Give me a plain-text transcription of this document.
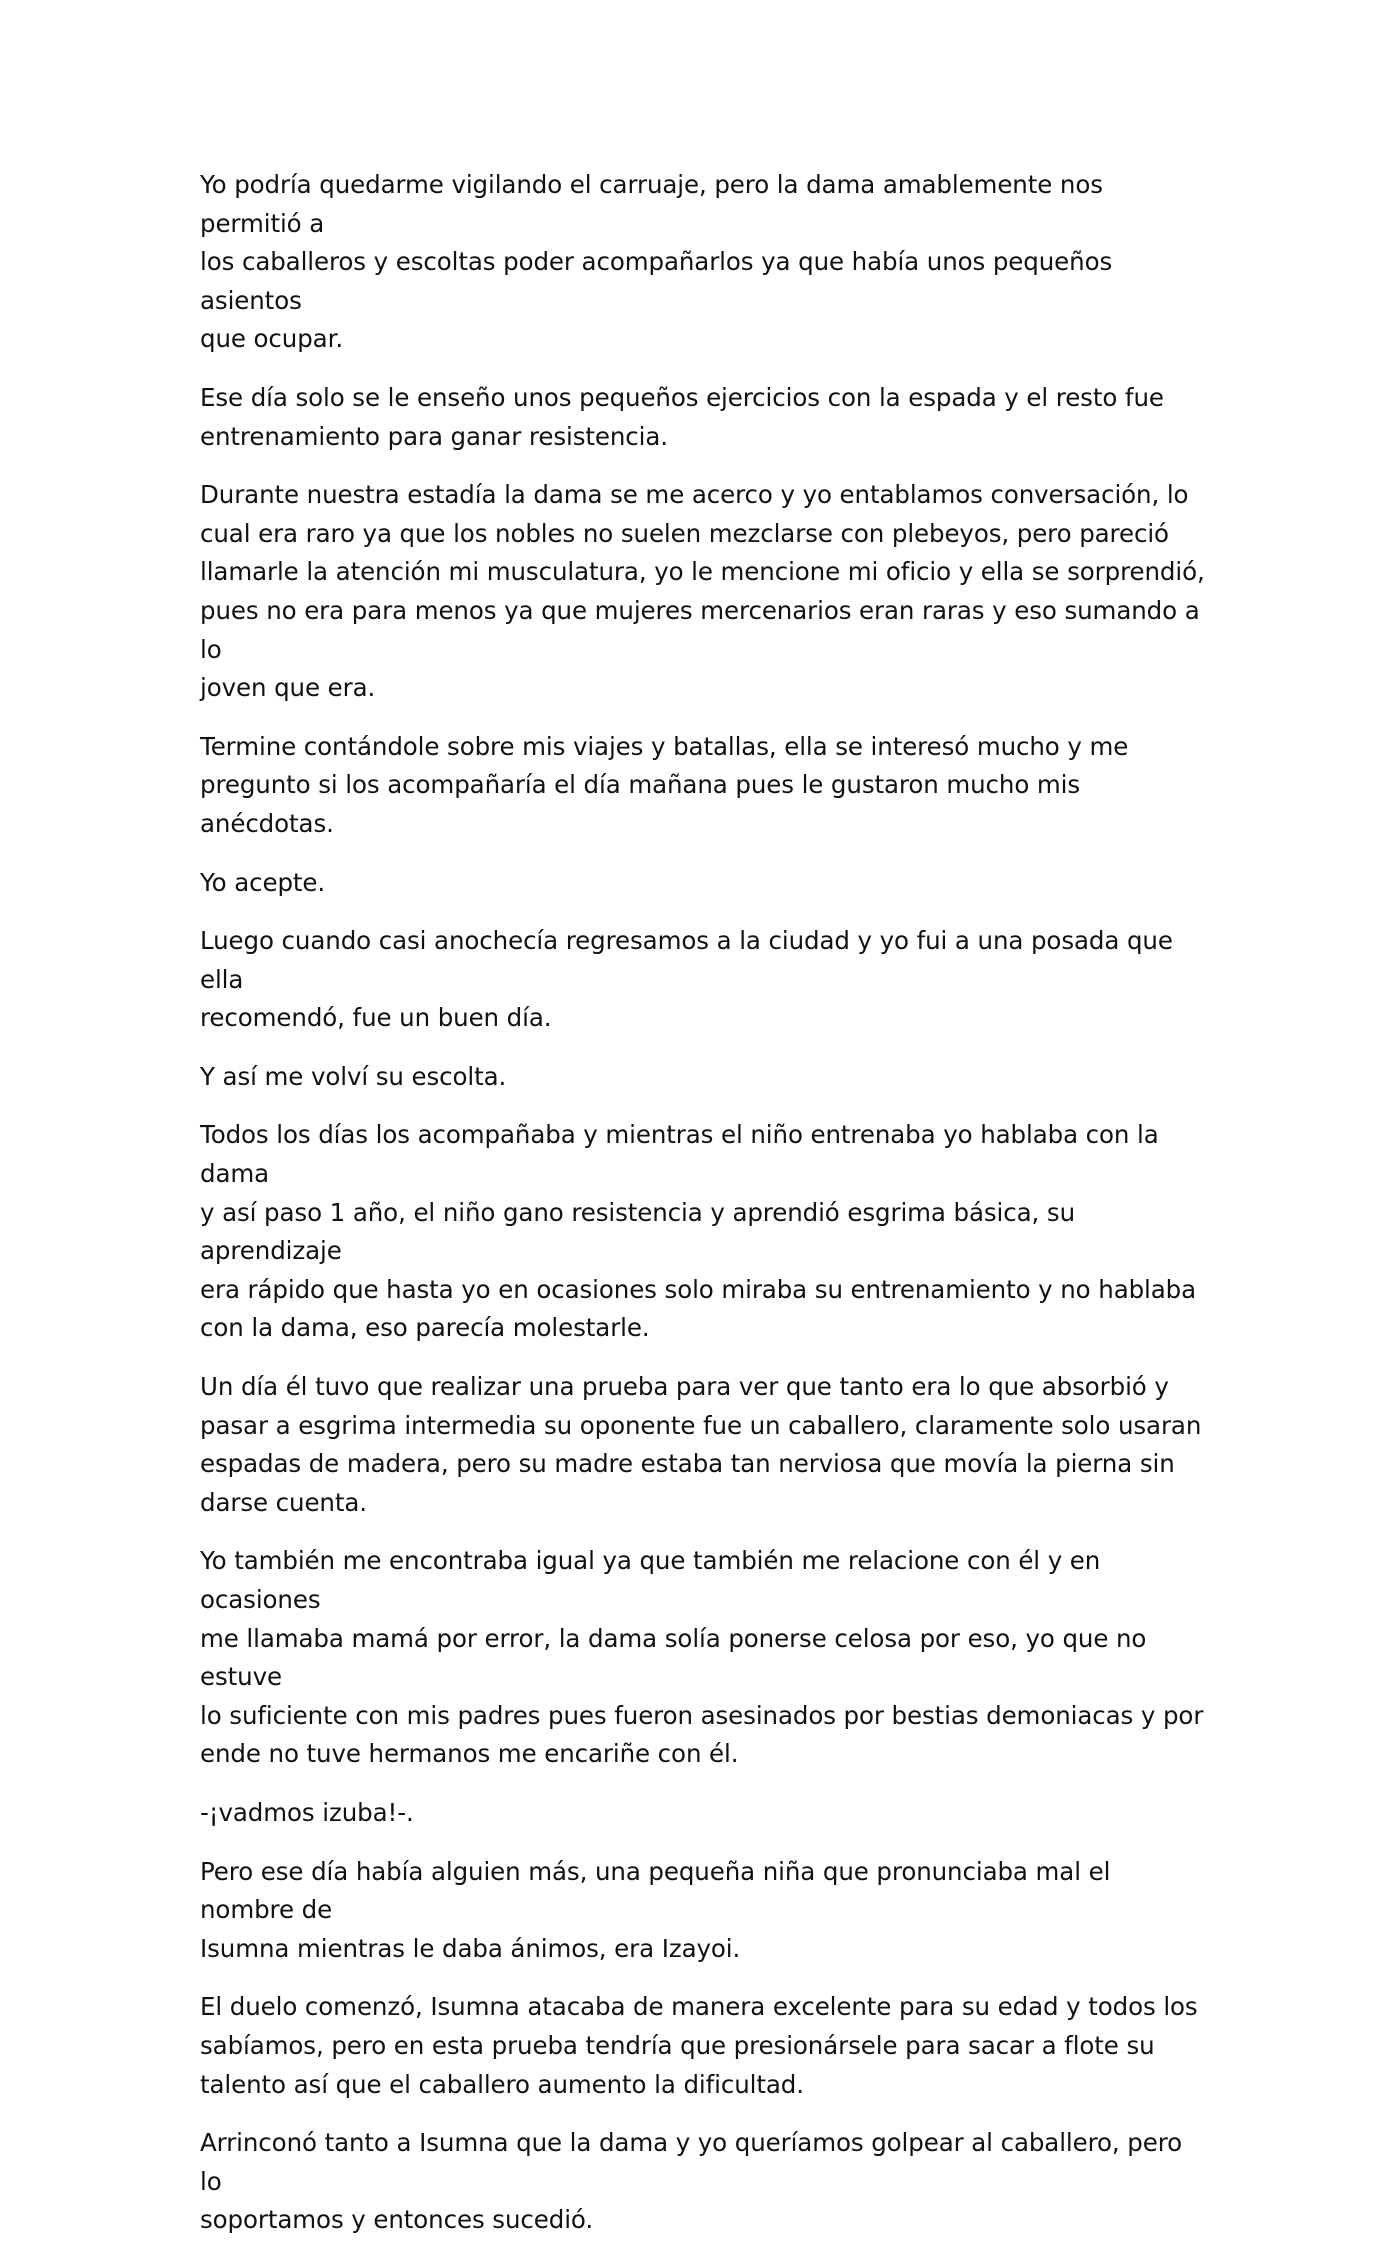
Yo podría quedarme vigilando el carruaje, pero la dama amablemente nos permitió a
los caballeros y escoltas poder acompañarlos ya que había unos pequeños asientos
que ocupar.

Ese día solo se le enseño unos pequeños ejercicios con la espada y el resto fue
entrenamiento para ganar resistencia.

Durante nuestra estadía la dama se me acerco y yo entablamos conversación, lo
cual era raro ya que los nobles no suelen mezclarse con plebeyos, pero pareció
llamarle la atención mi musculatura, yo le mencione mi oficio y ella se sorprendió,
pues no era para menos ya que mujeres mercenarios eran raras y eso sumando a lo
joven que era.

Termine contándole sobre mis viajes y batallas, ella se interesó mucho y me
pregunto si los acompañaría el día mañana pues le gustaron mucho mis anécdotas.

Yo acepte.

Luego cuando casi anochecía regresamos a la ciudad y yo fui a una posada que ella
recomendó, fue un buen día.

Y así me volví su escolta.

Todos los días los acompañaba y mientras el niño entrenaba yo hablaba con la dama
y así paso 1 año, el niño gano resistencia y aprendió esgrima básica, su aprendizaje
era rápido que hasta yo en ocasiones solo miraba su entrenamiento y no hablaba
con la dama, eso parecía molestarle.

Un día él tuvo que realizar una prueba para ver que tanto era lo que absorbió y
pasar a esgrima intermedia su oponente fue un caballero, claramente solo usaran
espadas de madera, pero su madre estaba tan nerviosa que movía la pierna sin
darse cuenta.

Yo también me encontraba igual ya que también me relacione con él y en ocasiones
me llamaba mamá por error, la dama solía ponerse celosa por eso, yo que no estuve
lo suficiente con mis padres pues fueron asesinados por bestias demoniacas y por
ende no tuve hermanos me encariñe con él.

-¡vadmos izuba!-.

Pero ese día había alguien más, una pequeña niña que pronunciaba mal el nombre de
Isumna mientras le daba ánimos, era Izayoi.

El duelo comenzó, Isumna atacaba de manera excelente para su edad y todos los
sabíamos, pero en esta prueba tendría que presionársele para sacar a flote su
talento así que el caballero aumento la dificultad.

Arrinconó tanto a Isumna que la dama y yo queríamos golpear al caballero, pero lo
soportamos y entonces sucedió.
